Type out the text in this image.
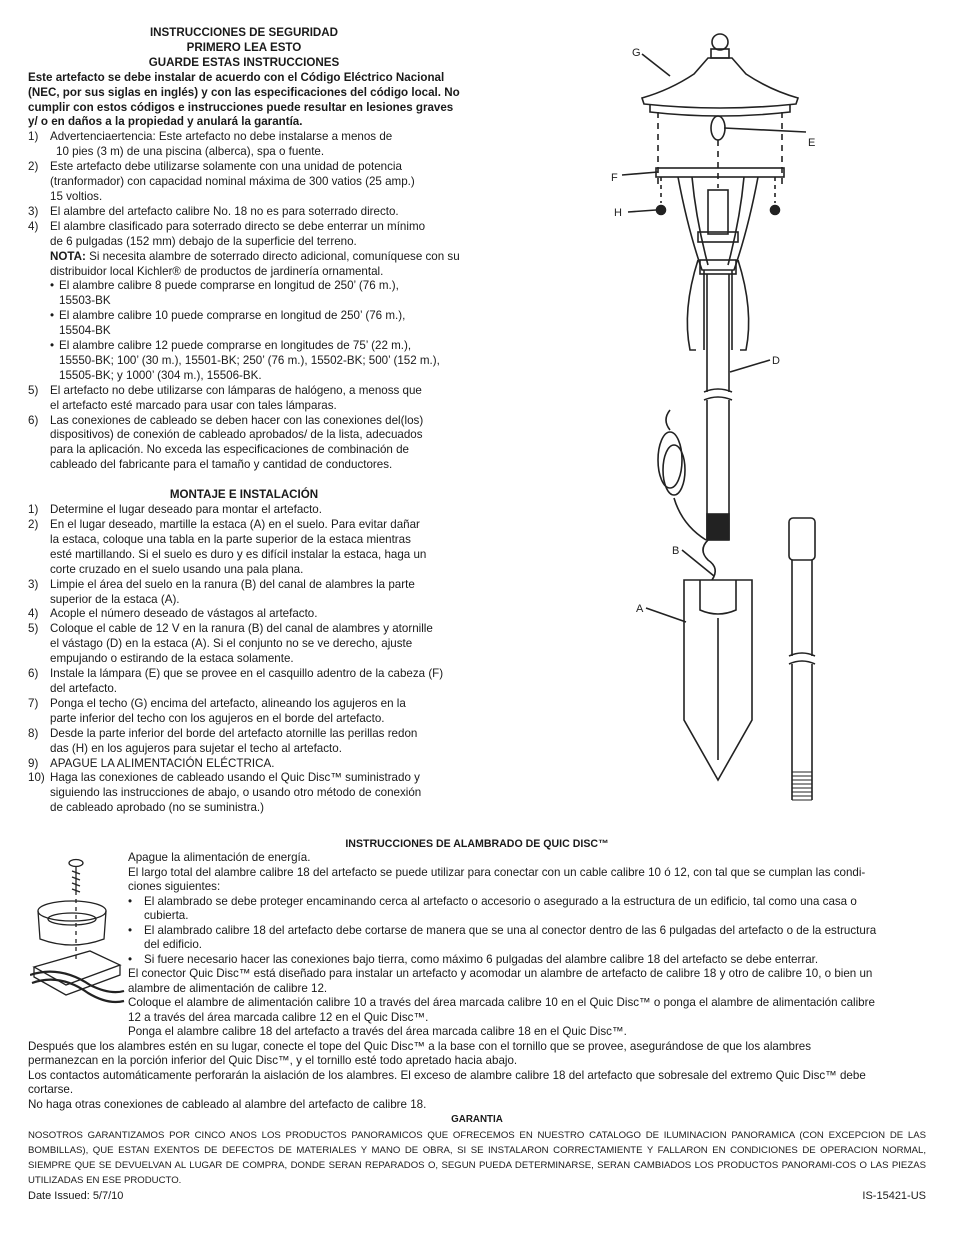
INSTRUCCIONES DE SEGURIDAD
PRIMERO LEA ESTO
GUARDE ESTAS INSTRUCCIONES
Este artefacto se debe instalar de acuerdo con el Código Eléctrico Nacional (NEC, por sus siglas en inglés) y con las especificaciones del código local. No cumplir con estos códigos e instrucciones puede resultar en lesiones graves y/ o en daños a la propiedad y anulará la garantía.
1)	Advertenciaertencia: Este artefacto no debe instalarse a menos de
10 pies (3 m) de una piscina (alberca), spa o fuente.
2)	Este artefacto debe utilizarse solamente con una unidad de potencia
(tranformador) con capacidad nominal máxima de 300 vatios (25 amp.)
15 voltios.
3)	El alambre del artefacto calibre No. 18 no es para soterrado directo.
4)	El alambre clasificado para soterrado directo se debe enterrar un mínimo
de 6 pulgadas (152 mm) debajo de la superficie del terreno.
NOTA: Si necesita alambre de soterrado directo adicional, comuníquese con su distribuidor local Kichler® de productos de jardinería ornamental.
• El alambre calibre 8 puede comprarse en longitud de 250’ (76 m.),
15503-BK
• El alambre calibre 10 puede comprarse en longitud de 250’ (76 m.),
15504-BK
• El alambre calibre 12 puede comprarse en longitudes de 75’ (22 m.),
15550-BK; 100’ (30 m.), 15501-BK; 250’ (76 m.), 15502-BK; 500’ (152 m.),
15505-BK; y 1000’ (304 m.), 15506-BK.
5)	El artefacto no debe utilizarse con lámparas de halógeno, a menoss que
el artefacto esté marcado para usar con tales lámparas.
6)	Las conexiones de cableado se deben hacer con las conexiones del(los)
dispositivos) de conexión de cableado aprobados/ de la lista, adecuados
para la aplicación. No exceda las especificaciones de combinación de
cableado del fabricante para el tamaño y cantidad de conductores.
MONTAJE E INSTALACIÓN
1)	Determine el lugar deseado para montar el artefacto.
2)	En el lugar deseado, martille la estaca (A) en el suelo. Para evitar dañar
la estaca, coloque una tabla en la parte superior de la estaca mientras
esté martillando. Si el suelo es duro y es difícil instalar la estaca, haga un
corte cruzado en el suelo usando una pala plana.
3)	Limpie el área del suelo en la ranura (B) del canal de alambres la parte
superior de la estaca (A).
4)	Acople el número deseado de vástagos al artefacto.
5)	Coloque el cable de 12 V en la ranura (B) del canal de alambres y atornille
el vástago (D) en la estaca (A). Si el conjunto no se ve derecho, ajuste
empujando o estirando de la estaca solamente.
6)	Instale la lámpara (E) que se provee en el casquillo adentro de la cabeza (F)
del artefacto.
7)	Ponga el techo (G) encima del artefacto, alineando los agujeros en la
parte inferior del techo con los agujeros en el borde del artefacto.
8)	Desde la parte inferior del borde del artefacto atornille las perillas redon
das (H) en los agujeros para sujetar el techo al artefacto.
9)	APAGUE LA ALIMENTACIÓN ELÉCTRICA.
10) Haga las conexiones de cableado usando el Quic Disc™ suministrado y
siguiendo las instrucciones de abajo, o usando otro método de conexión
de cableado aprobado (no se suministra.)
G
E
F
H
D
B
A
INSTRUCCIONES DE ALAMBRADO DE QUIC DISC™
Apague la alimentación de energía.
El largo total del alambre calibre 18 del artefacto se puede utilizar para conectar con un cable calibre 10 ó 12, con tal que se cumplan las condi-
ciones siguientes:
•	El alambrado se debe proteger encaminando cerca al artefacto o accesorio o asegurado a la estructura de un edificio, tal como una casa o
cubierta.
•	El alambrado calibre 18 del artefacto debe cortarse de manera que se una al conector dentro de las 6 pulgadas del artefacto o de la estructura
del edificio.
•	Si fuere necesario hacer las conexiones bajo tierra, como máximo 6 pulgadas del alambre calibre 18 del artefacto se debe enterrar.
El conector Quic Disc™ está diseñado para instalar un artefacto y acomodar un alambre de artefacto de calibre 18 y otro de calibre 10, o bien un
alambre de alimentación de calibre 12.
Coloque el alambre de alimentación calibre 10 a través del área marcada calibre 10 en el Quic Disc™ o ponga el alambre de alimentación calibre
12 a través del área marcada calibre 12 en el Quic Disc™.
Ponga el alambre calibre 18 del artefacto a través del área marcada calibre 18 en el Quic Disc™.
Después que los alambres estén en su lugar, conecte el tope del Quic Disc™ a la base con el tornillo que se provee, asegurándose de que los alambres
permanezcan en la porción inferior del Quic Disc™, y el tornillo esté todo apretado hacia abajo.
Los contactos automáticamente perforarán la aislación de los alambres. El exceso de alambre calibre 18 del artefacto que sobresale del extremo Quic Disc™ debe
cortarse.
No haga otras conexiones de cableado al alambre del artefacto de calibre 18.
GARANTIA
NOSOTROS GARANTIZAMOS POR CINCO ANOS LOS PRODUCTOS PANORAMICOS QUE OFRECEMOS EN NUESTRO CATALOGO DE ILUMINACION PANORAMICA (CON EXCEPCION DE LAS BOMBILLAS), QUE ESTAN EXENTOS DE DEFECTOS DE MATERIALES Y MANO DE OBRA, SI SE INSTALARON CORRECTAMIENTE Y FALLARON EN CONDICIONES DE OPERACION NORMAL, SIEMPRE QUE SE DEVUELVAN AL LUGAR DE COMPRA, DONDE SERAN REPARADOS O, SEGUN PUEDA DETERMINARSE, SERAN CAMBIADOS LOS PRODUCTOS PANORAMI-COS O LAS PIEZAS UTILIZADAS EN ESE PRODUCTO.
Date Issued: 5/7/10	IS-15421-US
